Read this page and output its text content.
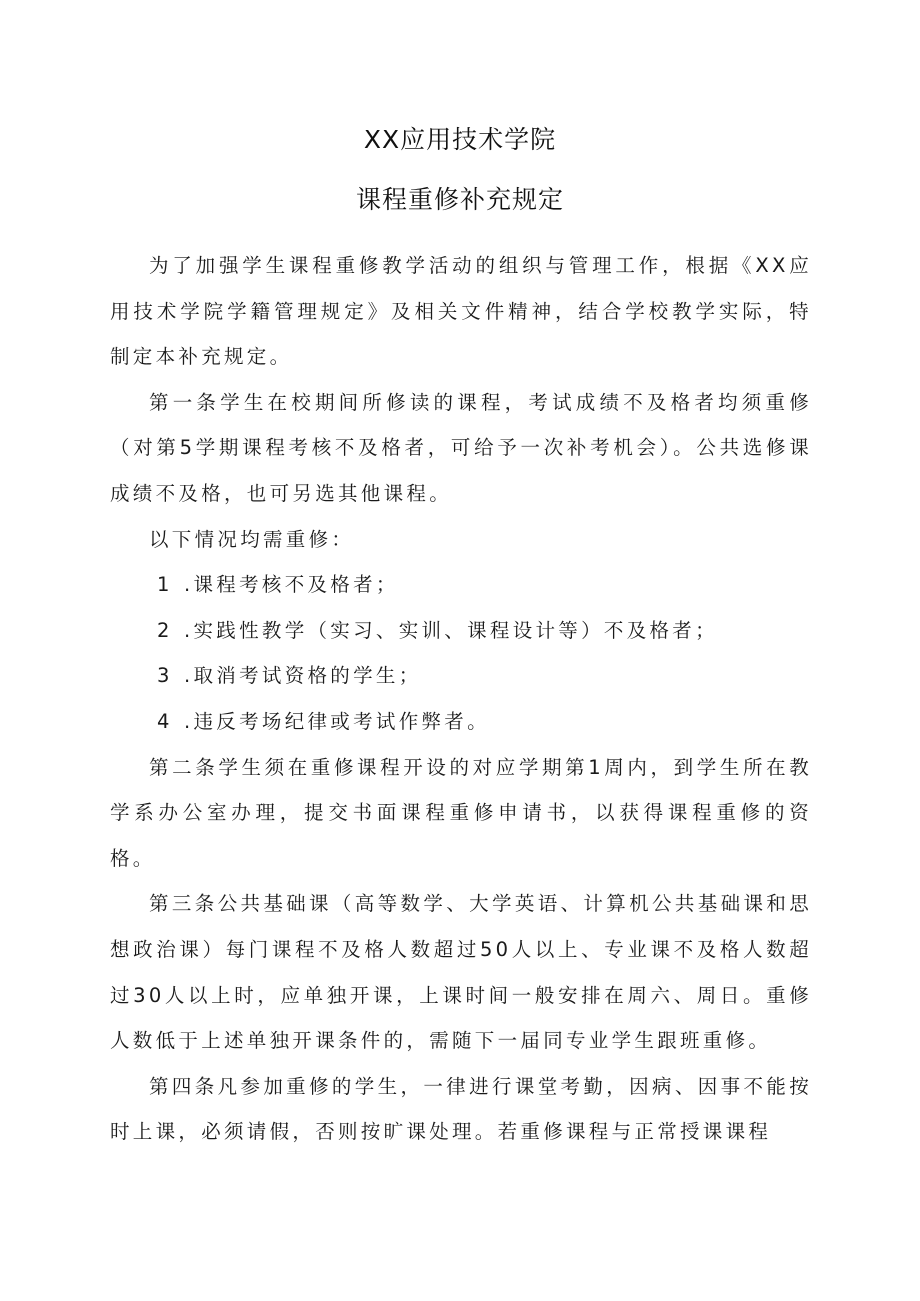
XX应用技术学院
课程重修补充规定

为了加强学生课程重修教学活动的组织与管理工作，根据《XX应用技术学院学籍管理规定》及相关文件精神，结合学校教学实际，特制定本补充规定。

第一条学生在校期间所修读的课程，考试成绩不及格者均须重修（对第5学期课程考核不及格者，可给予一次补考机会）。公共选修课成绩不及格，也可另选其他课程。

以下情况均需重修：

1 .课程考核不及格者；

2 .实践性教学（实习、实训、课程设计等）不及格者；

3 .取消考试资格的学生；

4 .违反考场纪律或考试作弊者。

第二条学生须在重修课程开设的对应学期第1周内，到学生所在教学系办公室办理，提交书面课程重修申请书，以获得课程重修的资格。

第三条公共基础课（高等数学、大学英语、计算机公共基础课和思想政治课）每门课程不及格人数超过50人以上、专业课不及格人数超过30人以上时，应单独开课，上课时间一般安排在周六、周日。重修人数低于上述单独开课条件的，需随下一届同专业学生跟班重修。

第四条凡参加重修的学生，一律进行课堂考勤，因病、因事不能按时上课，必须请假，否则按旷课处理。若重修课程与正常授课课程
